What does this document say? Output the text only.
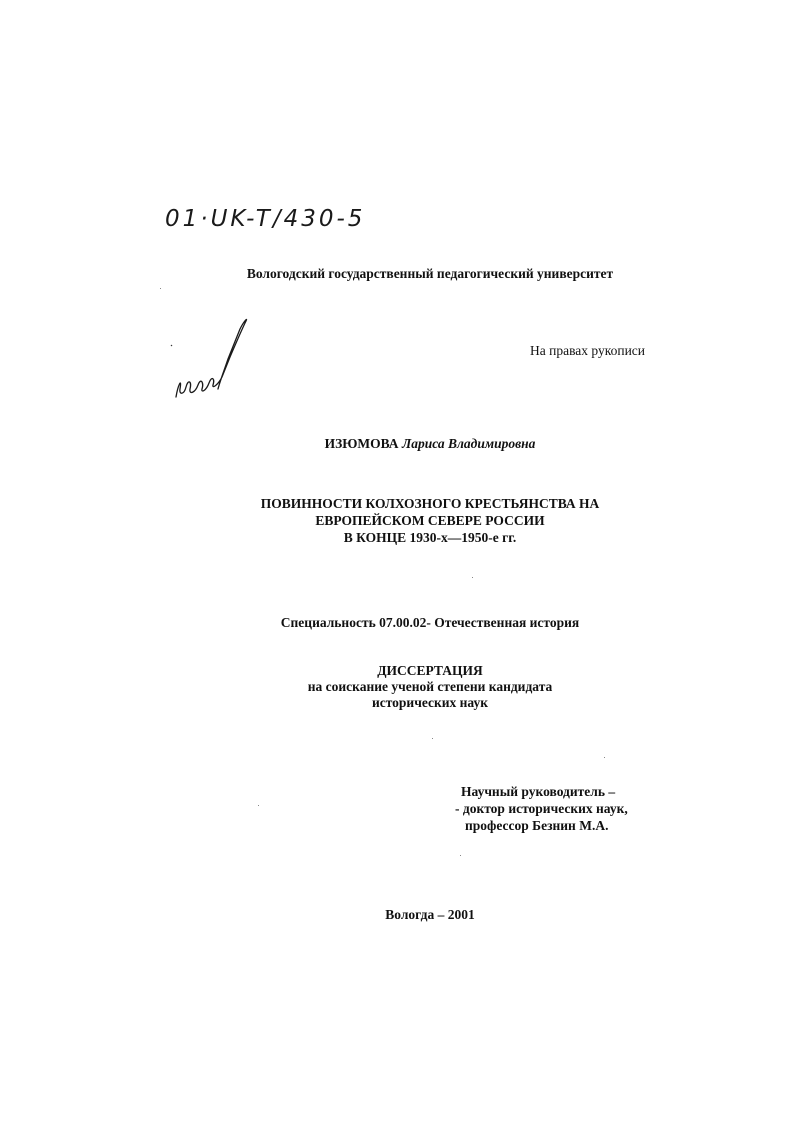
01·UK-T/430-5
Вологодский государственный педагогический университет
На правах рукописи
ИЗЮМОВА Лариса Владимировна
ПОВИННОСТИ КОЛХОЗНОГО КРЕСТЬЯНСТВА НА
ЕВРОПЕЙСКОМ СЕВЕРЕ РОССИИ
В КОНЦЕ 1930-х—1950-е гг.
Специальность 07.00.02- Отечественная история
ДИССЕРТАЦИЯ
на соискание ученой степени кандидата
исторических наук
Научный руководитель –
- доктор исторических наук,
профессор Безнин М.А.
Вологда – 2001
